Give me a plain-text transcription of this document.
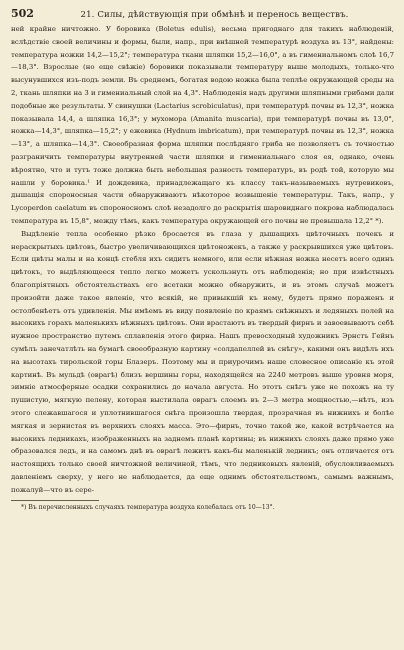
502	21. Силы, дѣйствующія при обмѣнѣ и перенось веществъ.

ней крайне ничтожно. У боровика (Boletus edulis), весьма пригоднаго для такихъ наблюденій, вслѣдствіе своей величины и формы, были, напр., при внѣшней температурѣ воздуха въ 13°, найдены: температура ножки 14,2—15,2°; температура ткани шляпки 15,2—16,0°, а въ гимениальномъ слоѣ 16,7—18,3°. Взрослые (но еще свѣжіе) боровики показывали температуру выше молодыхъ, только-что высунувшихся изъ-подъ земли. Въ среднемъ, богатая водою ножка была теплѣе окружающей среды на 2, ткань шляпки на 3 и гимениальный слой на 4,3°. Наблюденія надъ другими шляпными грибами дали подобные же результаты. У свинушки (Lactarius scrobiculatus), при температурѣ почвы въ 12,3°, ножка показывала 14,4, а шляпка 16,3°; у мухомора (Amanita muscaria), при температурѣ почвы въ 13,0°, ножка—14,3°, шляпка—15,2°; у ежевика (Hydnum imbricatum), при температурѣ почвы въ 12,3°, ножка—13°, а шляпка—14,3°. Своеобразная форма шляпки послѣдняго гриба не позволяетъ съ точностью разграничить температуры внутренней части шляпки и гимениальнаго слоя ея, однако, очень вѣроятно, что и тутъ тоже должна быть небольшая разность температуръ, въ родѣ той, которую мы нашли у боровика.¹ И дождевика, принадлежащаго къ классу такъ-называемыхъ нутревиковъ, дышащія спороносныя части обнаруживаютъ нѣкоторое возвышеніе температуры. Такъ, напр., у Lycoperdon caelatum въ спороносномъ слоѣ незадолго до раскрытія шаровиднаго покрова наблюдалась температура въ 15,8°, между тѣмъ, какъ температура окружающей его почвы не превышала 12,2° *).

Выдѣленіе тепла особенно рѣзко бросается въ глаза у дышащихъ цвѣточныхъ почекъ и нераскрытыхъ цвѣтовъ, быстро увеличивающихся цвѣтоножекъ, а также у раскрывшихся уже цвѣтовъ. Если цвѣты малы и на концѣ стебля ихъ сидитъ немного, или если нѣжная ножка несетъ всего одинъ цвѣтокъ, то выдѣляющееся тепло легко можетъ ускользнуть отъ наблюденія; но при извѣстныхъ благопріятныхъ обстоятельствахъ его всетаки можно обнаружить, и въ этомъ случаѣ можетъ произойти даже такое явленіе, что всякій, не привыкшій къ нему, будетъ прямо пораженъ и остолбенѣетъ отъ удивленія. Мы имѣемъ въ виду появленіе по краямъ снѣжныхъ и ледяныхъ полей на высокихъ горахъ маленькихъ нѣжныхъ цвѣтовъ. Они врастаютъ въ твердый фирнъ и завоевываютъ себѣ нужное пространство путемъ сплавленія этого фирна. Нашъ превосходный художникъ Эрнстъ Гейнъ сумѣлъ занечатлѣть на бумагѣ своеобразную картину «солдапеллей въ снѣгу», какими онъ видѣлъ ихъ на высотахъ тирольской горы Блазеръ. Поэтому мы и приурочимъ наше словесное описаніе къ этой картинѣ. Въ мульдѣ (оврагѣ) близъ вершины горы, находящейся на 2240 метровъ выше уровня моря, зимніе атмосферные осадки сохранились до начала августа. Но этотъ снѣгъ уже не похожъ на ту пушистую, мягкую пелену, которая выстилала оврагъ слоемъ въ 2—3 метра мощностью,—нѣтъ, изъ этого слежавшагося и уплотнившагося снѣга произошла твердая, прозрачная въ нижнихъ и болѣе мягкая и зернистая въ верхнихъ слояхъ масса. Это—фирнъ, точно такой же, какой встрѣчается на высокихъ ледникахъ, изображенныхъ на заднемъ планѣ картины; въ нижнихъ слояхъ даже прямо уже образовался ледъ, и на самомъ днѣ въ оврагѣ лежитъ какъ-бы маленькій ледникъ; онъ отличается отъ настоящихъ только своей ничтожной величиной, тѣмъ, что ледниковыхъ явленій, обусловливаемыхъ давленіемъ сверху, у него не наблюдается, да еще однимъ обстоятельствомъ, самымъ важнымъ, пожалуй—что въ сере-

*) Въ перечисленныхъ случаяхъ температура воздуха колебалась отъ 10—13°.
